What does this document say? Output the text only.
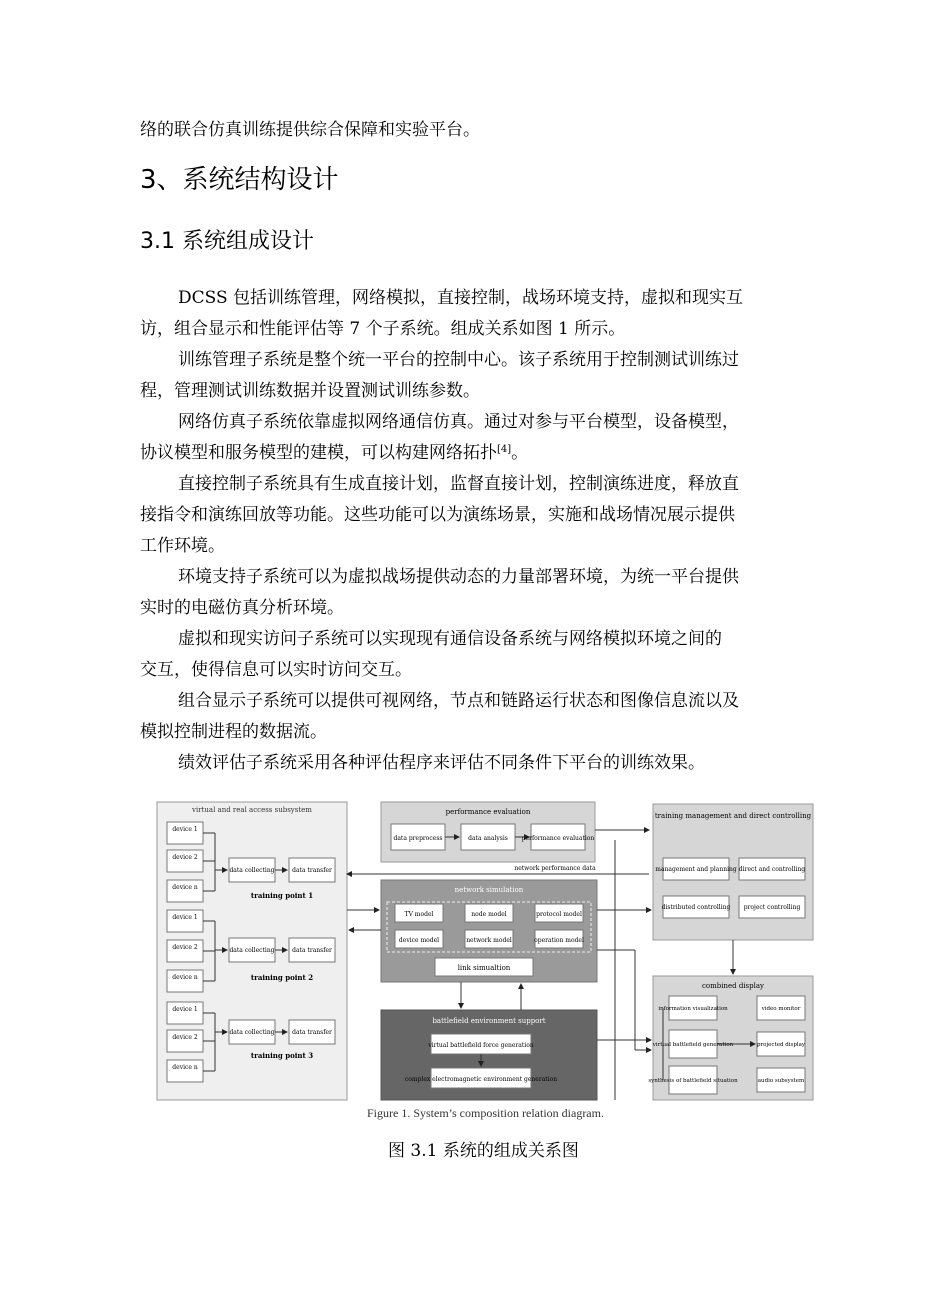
络的联合仿真训练提供综合保障和实验平台。
3、系统结构设计
3.1 系统组成设计
DCSS 包括训练管理，网络模拟，直接控制，战场环境支持，虚拟和现实互
访，组合显示和性能评估等 7 个子系统。组成关系如图 1 所示。
训练管理子系统是整个统一平台的控制中心。该子系统用于控制测试训练过
程，管理测试训练数据并设置测试训练参数。
网络仿真子系统依靠虚拟网络通信仿真。通过对参与平台模型，设备模型，
协议模型和服务模型的建模，可以构建网络拓扑[4]。
直接控制子系统具有生成直接计划，监督直接计划，控制演练进度，释放直
接指令和演练回放等功能。这些功能可以为演练场景，实施和战场情况展示提供
工作环境。
环境支持子系统可以为虚拟战场提供动态的力量部署环境，为统一平台提供
实时的电磁仿真分析环境。
虚拟和现实访问子系统可以实现现有通信设备系统与网络模拟环境之间的
交互，使得信息可以实时访问交互。
组合显示子系统可以提供可视网络，节点和链路运行状态和图像信息流以及
模拟控制进程的数据流。
绩效评估子系统采用各种评估程序来评估不同条件下平台的训练效果。
virtual and real access subsystem
device 1
device 2
device n
data collecting	data transfer
training point 1
device 1
device 2
device n
data collecting	data transfer
training point 2
device 1
device 2
device n
data collecting	data transfer
training point 3
performance evaluation
data preprocess	data analysis performance evaluation
network performance data
training management and direct controlling
management and planning direct and controlling
distributed controlling project controlling
network simulation
TV model	node model	protocol model
device model	network model	operation model
link simualtion
battlefield environment support
virtual battlefield force generation
complex electromagnetic environment generation
combined display
information visualization
virtual battlefield generation
synthesis of battlefield situation
video monitor
projected display
audio subsystem
Figure 1. System’s composition relation diagram.
图 3.1 系统的组成关系图
